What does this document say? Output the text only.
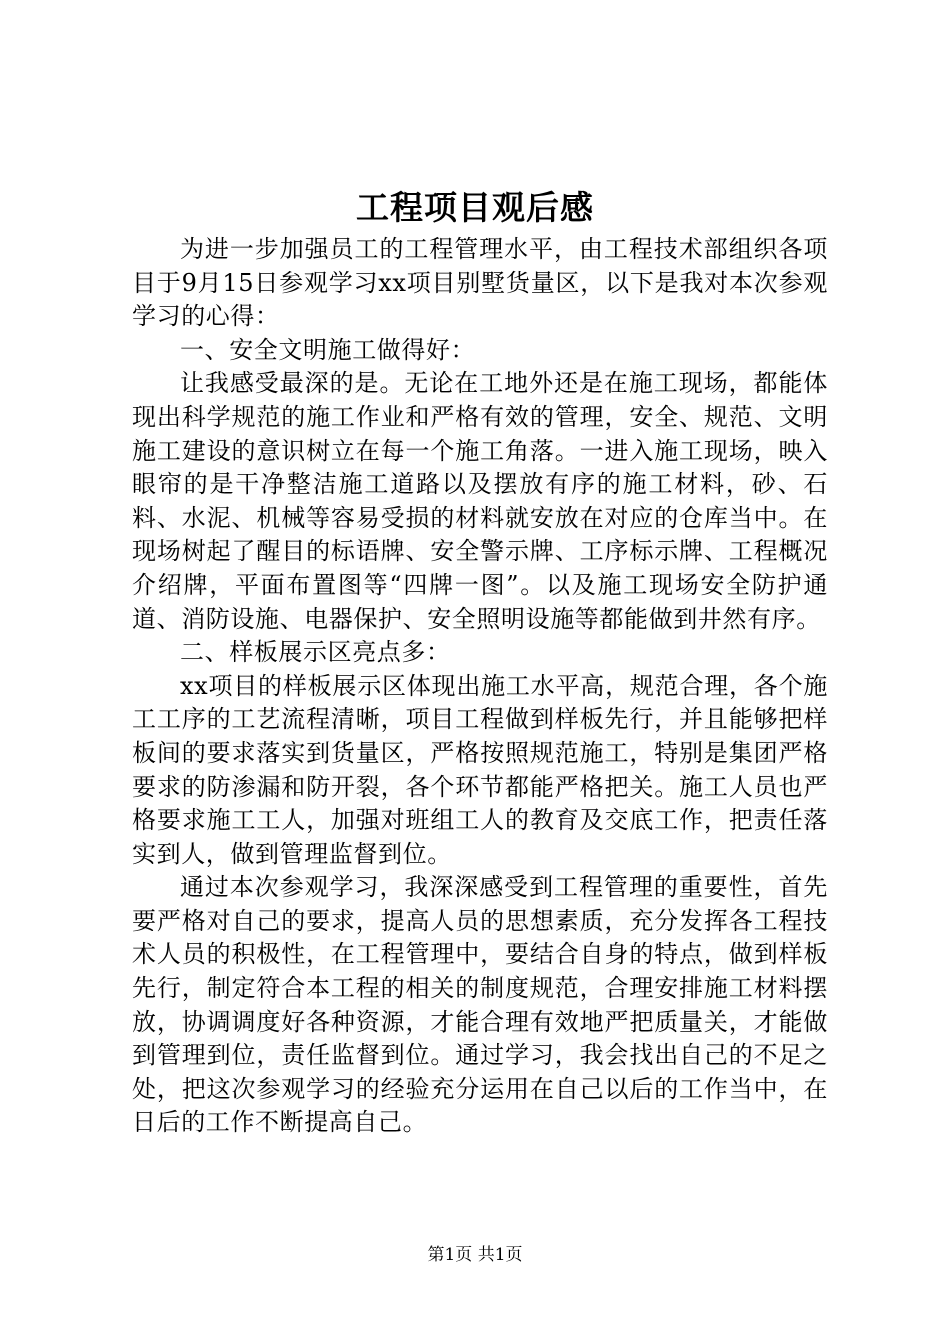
工程项目观后感

为进一步加强员工的工程管理水平，由工程技术部组织各项目于9月15日参观学习xx项目别墅货量区，以下是我对本次参观学习的心得：

一、安全文明施工做得好：

让我感受最深的是。无论在工地外还是在施工现场，都能体现出科学规范的施工作业和严格有效的管理，安全、规范、文明施工建设的意识树立在每一个施工角落。一进入施工现场，映入眼帘的是干净整洁施工道路以及摆放有序的施工材料，砂、石料、水泥、机械等容易受损的材料就安放在对应的仓库当中。在现场树起了醒目的标语牌、安全警示牌、工序标示牌、工程概况介绍牌，平面布置图等“四牌一图”。以及施工现场安全防护通道、消防设施、电器保护、安全照明设施等都能做到井然有序。

二、样板展示区亮点多：

xx项目的样板展示区体现出施工水平高，规范合理，各个施工工序的工艺流程清晰，项目工程做到样板先行，并且能够把样板间的要求落实到货量区，严格按照规范施工，特别是集团严格要求的防渗漏和防开裂，各个环节都能严格把关。施工人员也严格要求施工工人，加强对班组工人的教育及交底工作，把责任落实到人，做到管理监督到位。

通过本次参观学习，我深深感受到工程管理的重要性，首先要严格对自己的要求，提高人员的思想素质，充分发挥各工程技术人员的积极性，在工程管理中，要结合自身的特点，做到样板先行，制定符合本工程的相关的制度规范，合理安排施工材料摆放，协调调度好各种资源，才能合理有效地严把质量关，才能做到管理到位，责任监督到位。通过学习，我会找出自己的不足之处，把这次参观学习的经验充分运用在自己以后的工作当中，在日后的工作不断提高自己。

第1页 共1页
